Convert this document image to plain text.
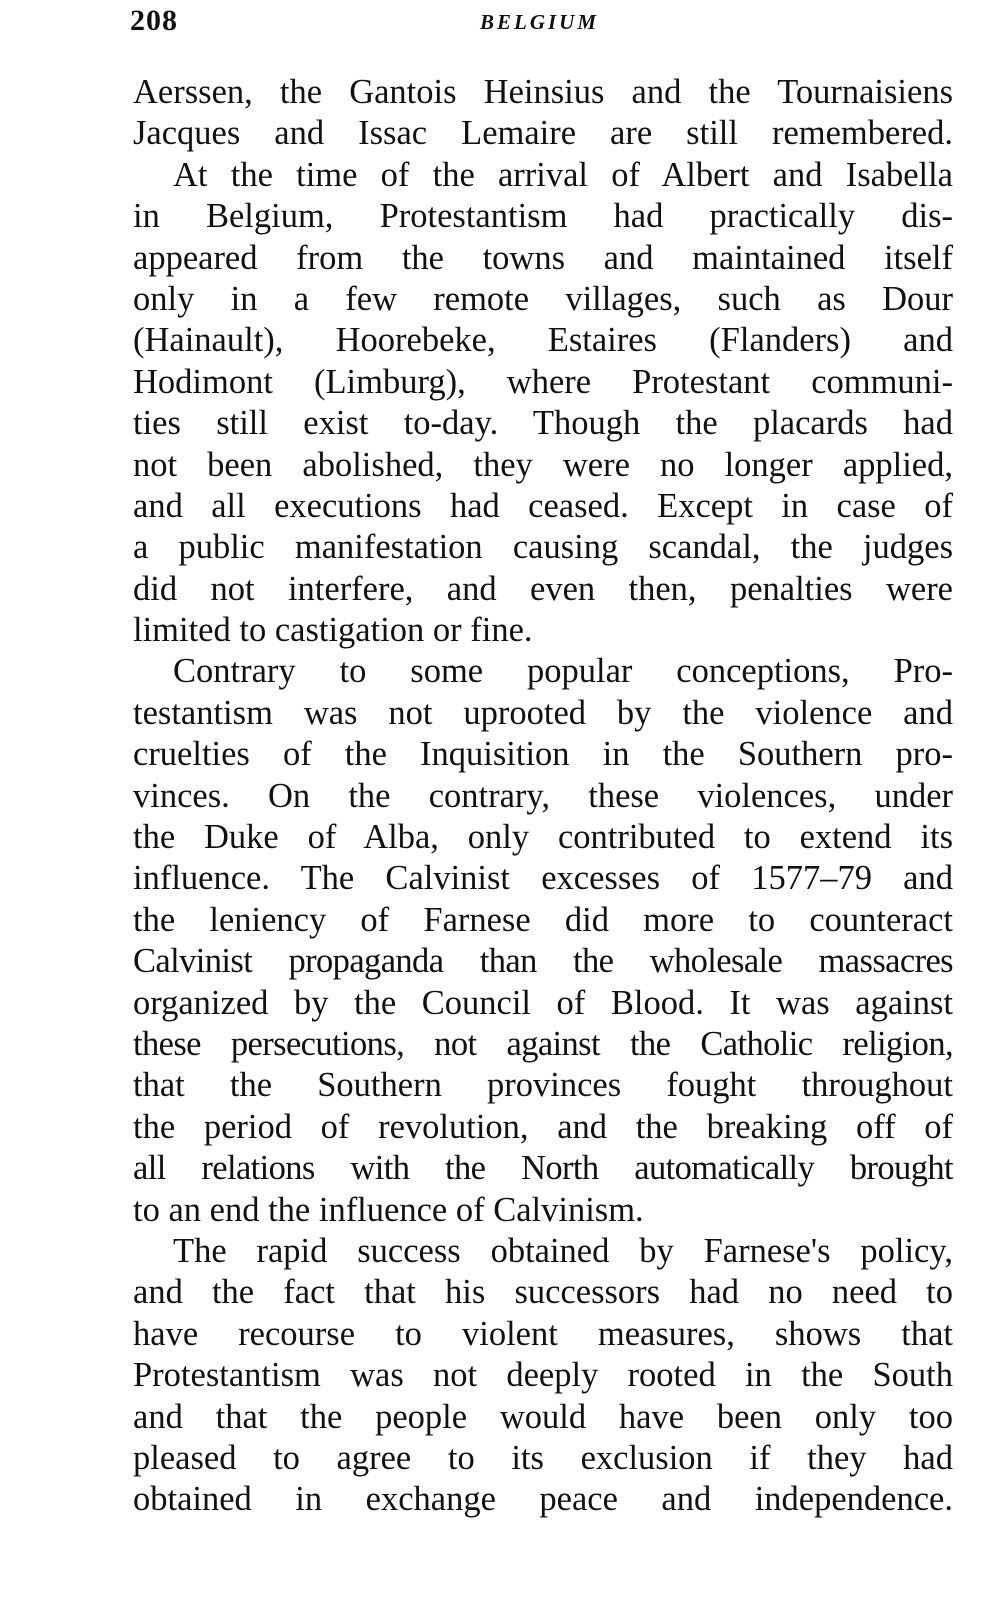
208	BELGIUM
Aerssen, the Gantois Heinsius and the Tournaisiens
Jacques and Issac Lemaire are still remembered.
At the time of the arrival of Albert and Isabella
in Belgium, Protestantism had practically dis-
appeared from the towns and maintained itself
only in a few remote villages, such as Dour
(Hainault), Hoorebeke, Estaires (Flanders) and
Hodimont (Limburg), where Protestant communi-
ties still exist to-day. Though the placards had
not been abolished, they were no longer applied,
and all executions had ceased. Except in case of
a public manifestation causing scandal, the judges
did not interfere, and even then, penalties were
limited to castigation or fine.
Contrary to some popular conceptions, Pro-
testantism was not uprooted by the violence and
cruelties of the Inquisition in the Southern pro-
vinces. On the contrary, these violences, under
the Duke of Alba, only contributed to extend its
influence. The Calvinist excesses of 1577–79 and
the leniency of Farnese did more to counteract
Calvinist propaganda than the wholesale massacres
organized by the Council of Blood. It was against
these persecutions, not against the Catholic religion,
that the Southern provinces fought throughout
the period of revolution, and the breaking off of
all relations with the North automatically brought
to an end the influence of Calvinism.
The rapid success obtained by Farnese's policy,
and the fact that his successors had no need to
have recourse to violent measures, shows that
Protestantism was not deeply rooted in the South
and that the people would have been only too
pleased to agree to its exclusion if they had
obtained in exchange peace and independence.
